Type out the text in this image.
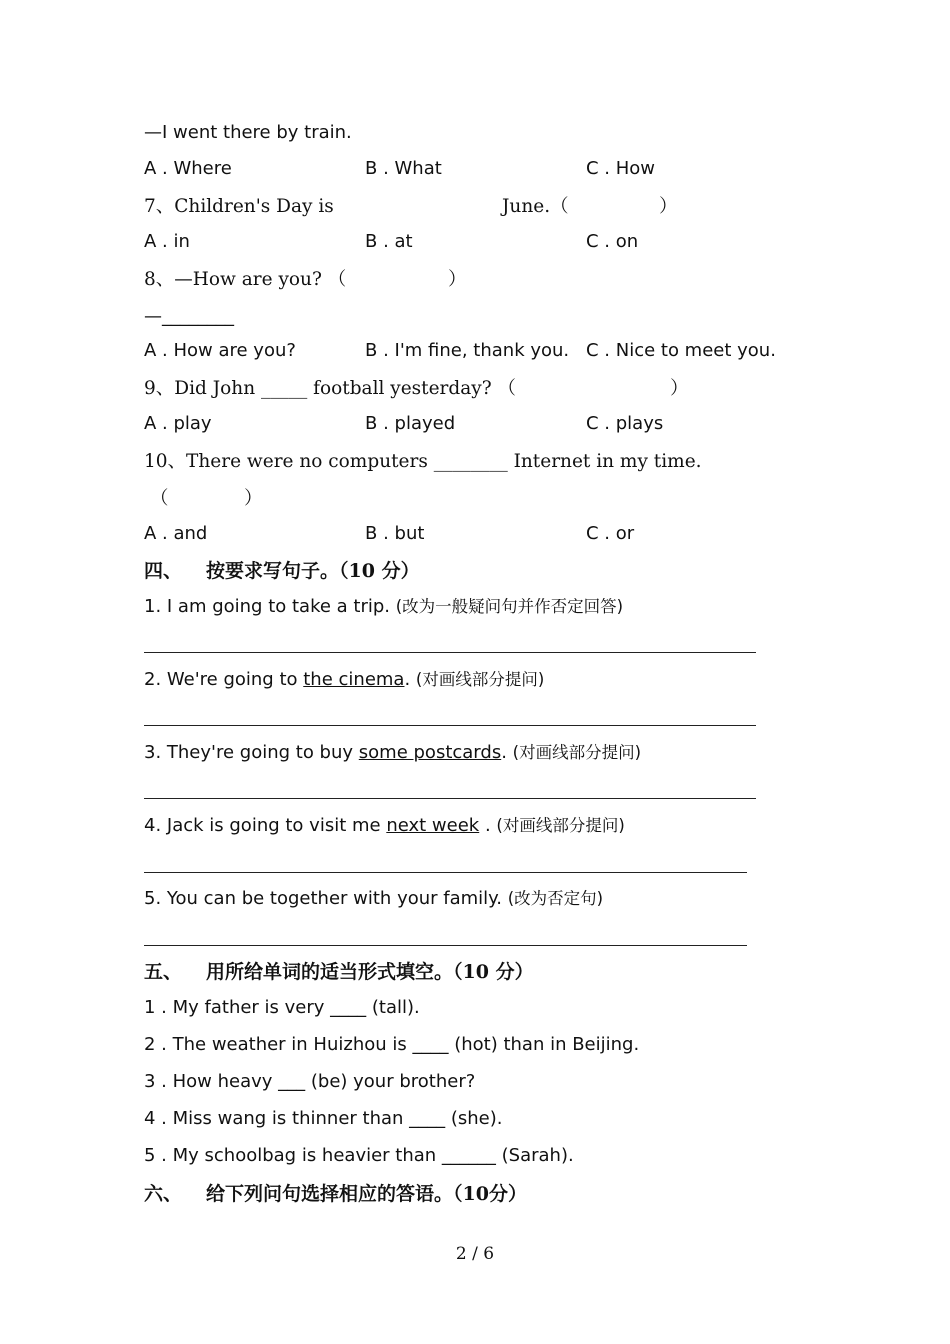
—I went there by train.
A . Where	B . What	C . How
7、Children's Day is	June.（	）
A . in	B . at	C . on
8、—How are you? （	）
—________
A . How are you?	B . I'm fine, thank you. C . Nice to meet you.
9、Did John _____ football yesterday? （	）
A . play	B . played	C . plays
10、There were no computers ________ Internet in my time.
（	）
A . and	B . but	C . or
四、 按要求写句子。（10 分）
1. I am going to take a trip. (改为一般疑问句并作否定回答)
2. We're going to the cinema. (对画线部分提问)
3. They're going to buy some postcards. (对画线部分提问)
4. Jack is going to visit me next week . (对画线部分提问)
5. You can be together with your family. (改为否定句)
五、 用所给单词的适当形式填空。（10 分）
1 . My father is very ____ (tall).
2 . The weather in Huizhou is ____ (hot) than in Beijing.
3 . How heavy ___ (be) your brother?
4 . Miss wang is thinner than ____ (she).
5 . My schoolbag is heavier than ______ (Sarah).
六、 给下列问句选择相应的答语。（10分）
2 / 6
